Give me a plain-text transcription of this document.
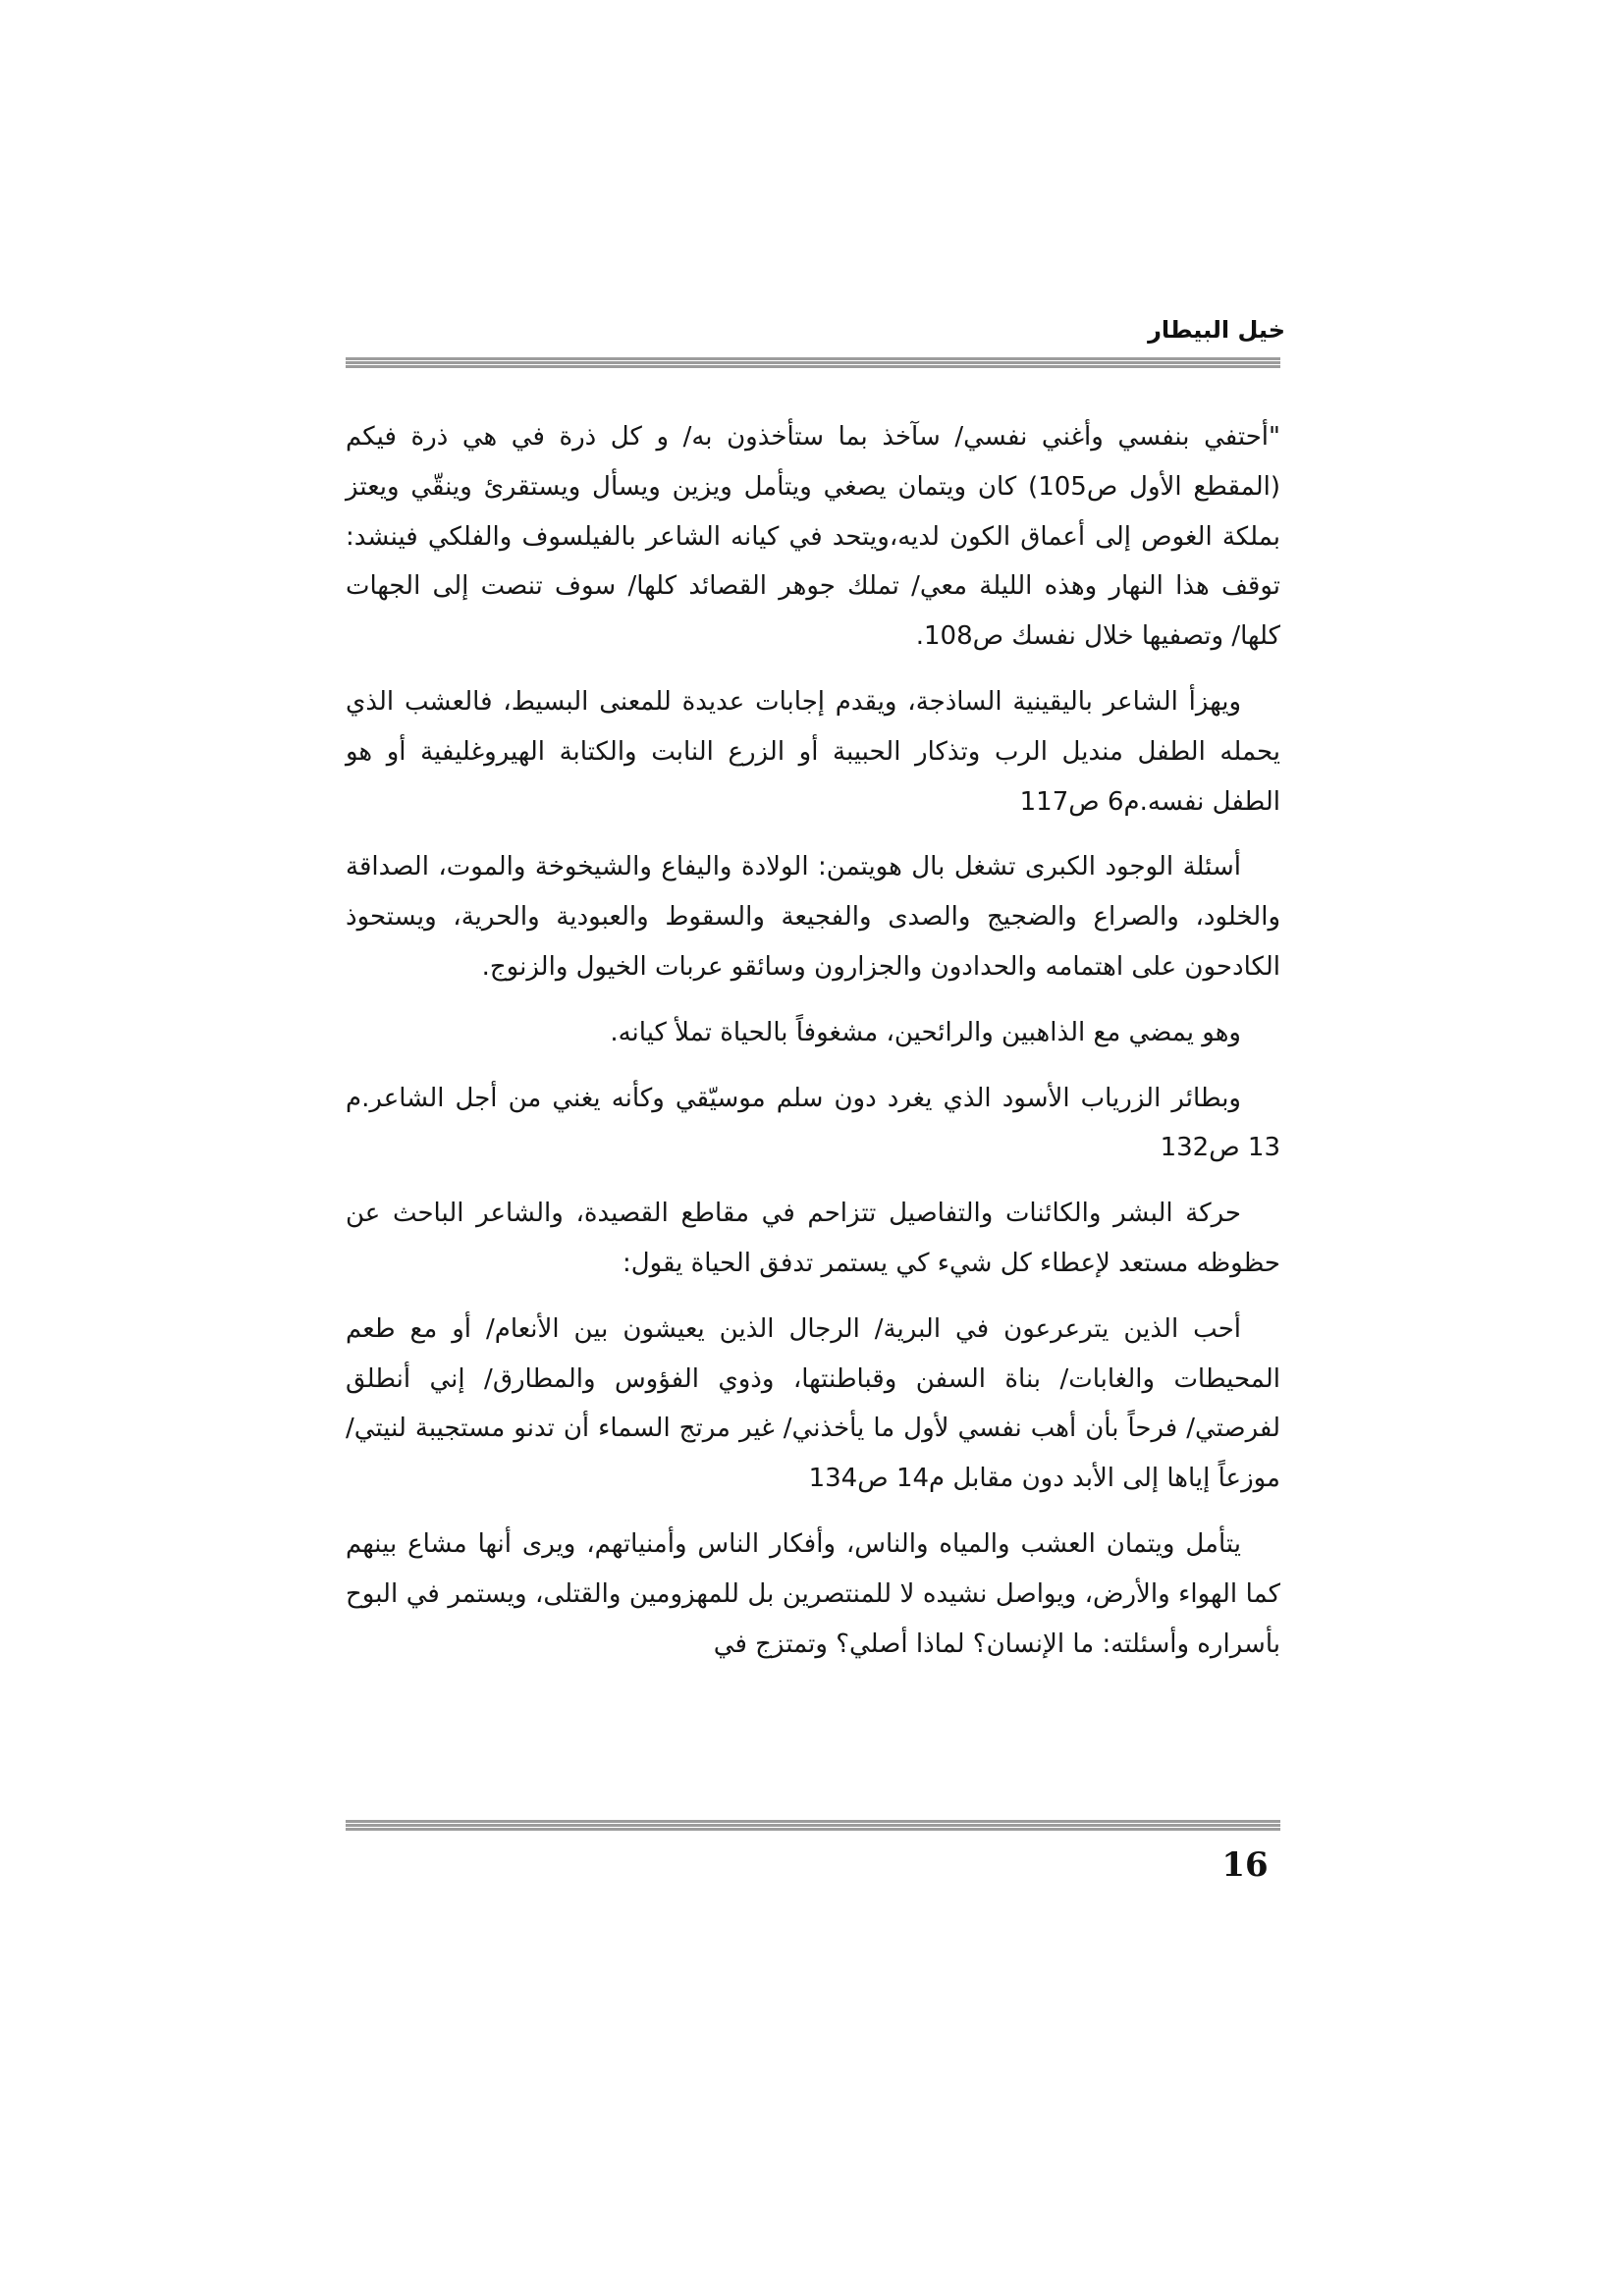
خيل البيطار

"أحتفي بنفسي وأغني نفسي/ سآخذ بما ستأخذون به/ و كل ذرة في هي ذرة فيكم (المقطع الأول ص105) كان ويتمان يصغي ويتأمل ويزين ويسأل ويستقرئ وينقّي ويعتز بملكة الغوص إلى أعماق الكون لديه،ويتحد في كيانه الشاعر بالفيلسوف والفلكي فينشد: توقف هذا النهار وهذه الليلة معي/ تملك جوهر القصائد كلها/ سوف تنصت إلى الجهات كلها/ وتصفيها خلال نفسك ص108.

ويهزأ الشاعر باليقينية الساذجة، ويقدم إجابات عديدة للمعنى البسيط، فالعشب الذي يحمله الطفل منديل الرب وتذكار الحبيبة أو الزرع النابت والكتابة الهيروغليفية أو هو الطفل نفسه.م6 ص117

أسئلة الوجود الكبرى تشغل بال هويتمن: الولادة واليفاع والشيخوخة والموت، الصداقة والخلود، والصراع والضجيج والصدى والفجيعة والسقوط والعبودية والحرية، ويستحوذ الكادحون على اهتمامه والحدادون والجزارون وسائقو عربات الخيول والزنوج.

وهو يمضي مع الذاهبين والرائحين، مشغوفاً بالحياة تملأ كيانه.

وبطائر الزرياب الأسود الذي يغرد دون سلم موسيّقي وكأنه يغني من أجل الشاعر.م 13 ص132

حركة البشر والكائنات والتفاصيل تتزاحم في مقاطع القصيدة، والشاعر الباحث عن حظوظه مستعد لإعطاء كل شيء كي يستمر تدفق الحياة يقول:

أحب الذين يترعرعون في البرية/ الرجال الذين يعيشون بين الأنعام/ أو مع طعم المحيطات والغابات/ بناة السفن وقباطنتها، وذوي الفؤوس والمطارق/ إني أنطلق لفرصتي/ فرحاً بأن أهب نفسي لأول ما يأخذني/ غير مرتج السماء أن تدنو مستجيبة لنيتي/ موزعاً إياها إلى الأبد دون مقابل م14 ص134

يتأمل ويتمان العشب والمياه والناس، وأفكار الناس وأمنياتهم، ويرى أنها مشاع بينهم كما الهواء والأرض، ويواصل نشيده لا للمنتصرين بل للمهزومين والقتلى، ويستمر في البوح بأسراره وأسئلته: ما الإنسان؟ لماذا أصلي؟ وتمتزج في

16
